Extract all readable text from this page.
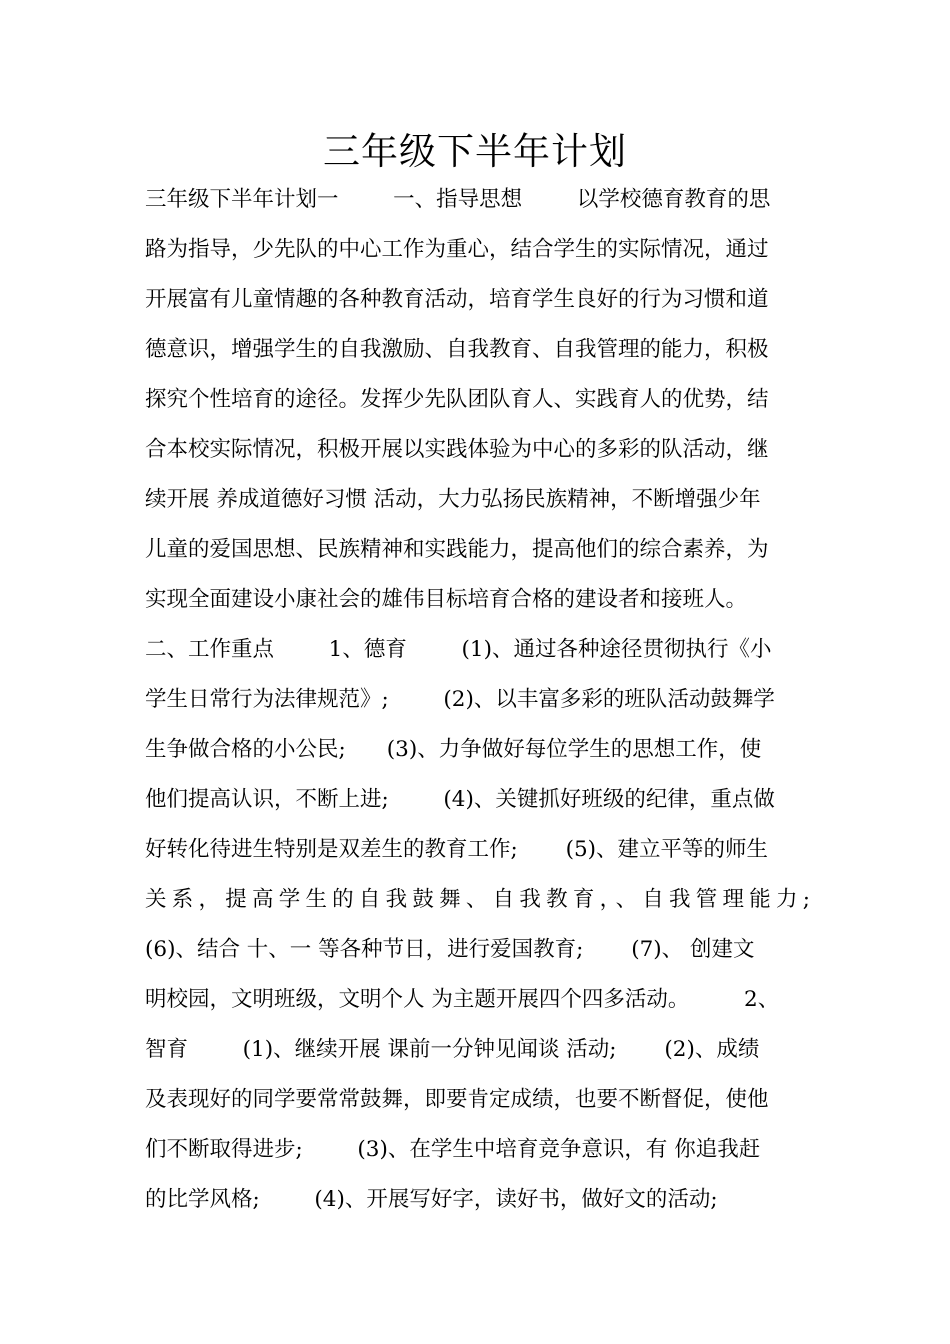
三年级下半年计划
三年级下半年计划一        一、指导思想        以学校德育教育的思
路为指导，少先队的中心工作为重心，结合学生的实际情况，通过
开展富有儿童情趣的各种教育活动，培育学生良好的行为习惯和道
德意识，增强学生的自我激励、自我教育、自我管理的能力，积极
探究个性培育的途径。发挥少先队团队育人、实践育人的优势，结
合本校实际情况，积极开展以实践体验为中心的多彩的队活动，继
续开展 养成道德好习惯 活动，大力弘扬民族精神，不断增强少年
儿童的爱国思想、民族精神和实践能力，提高他们的综合素养，为
实现全面建设小康社会的雄伟目标培育合格的建设者和接班人。
二、工作重点        1、德育        (1)、通过各种途径贯彻执行《小
学生日常行为法律规范》;        (2)、以丰富多彩的班队活动鼓舞学
生争做合格的小公民;      (3)、力争做好每位学生的思想工作，使
他们提高认识，不断上进;        (4)、关键抓好班级的纪律，重点做
好转化待进生特别是双差生的教育工作;       (5)、建立平等的师生
关系，提高学生的自我鼓舞、自我教育，、自我管理能力;
(6)、结合 十、一 等各种节日，进行爱国教育;       (7)、 创建文
明校园，文明班级，文明个人 为主题开展四个四多活动。        2、
智育        (1)、继续开展 课前一分钟见闻谈 活动;       (2)、成绩
及表现好的同学要常常鼓舞，即要肯定成绩，也要不断督促，使他
们不断取得进步;        (3)、在学生中培育竞争意识，有 你追我赶
的比学风格;        (4)、开展写好字，读好书，做好文的活动;
